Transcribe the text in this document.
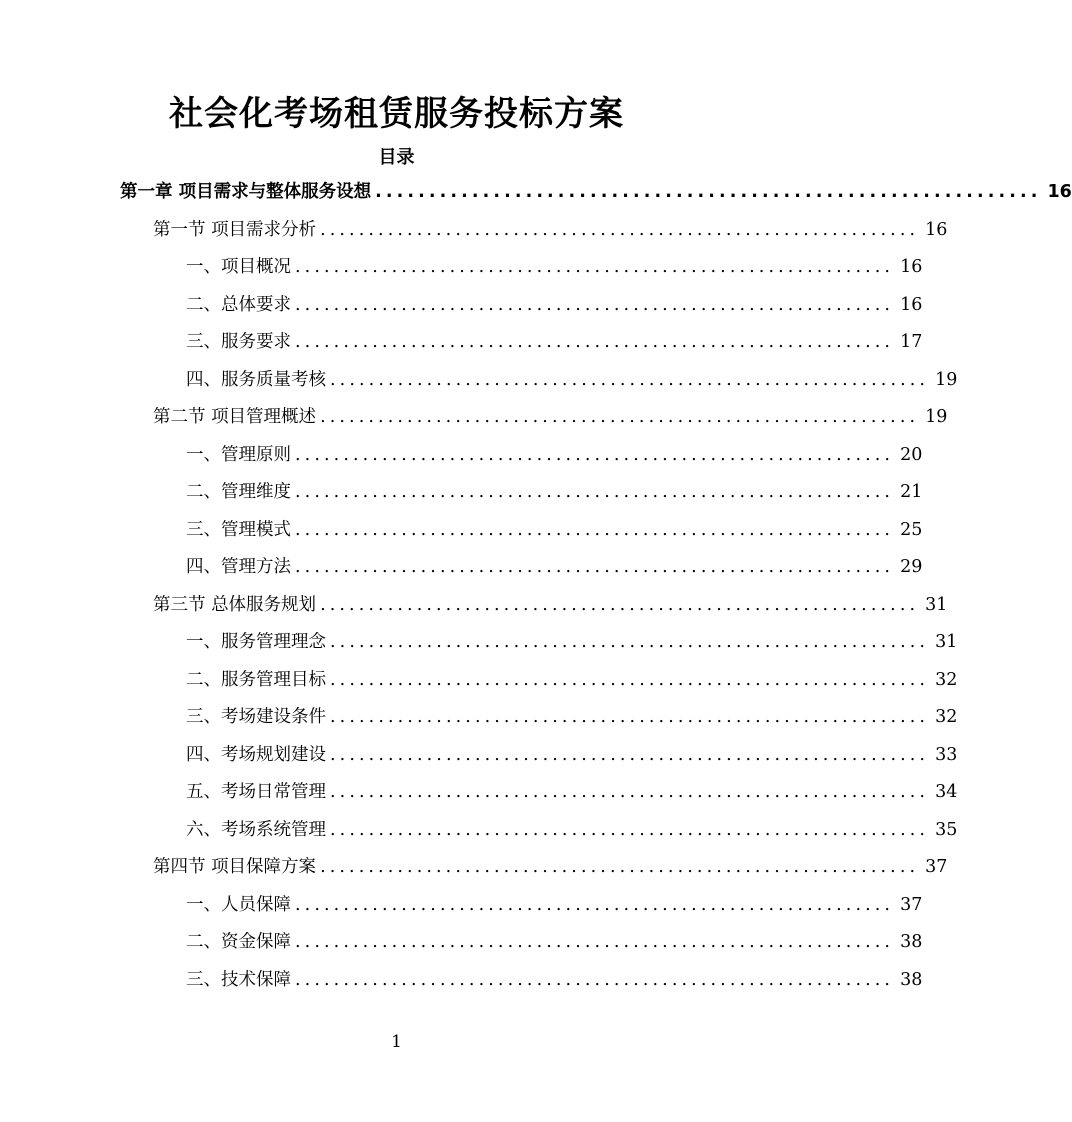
社会化考场租赁服务投标方案
目录
第一章 项目需求与整体服务设想 .............................................................. 16
第一节 项目需求分析 .............................................................. 16
一、项目概况 .............................................................. 16
二、总体要求 .............................................................. 16
三、服务要求 .............................................................. 17
四、服务质量考核 .............................................................. 19
第二节 项目管理概述 .............................................................. 19
一、管理原则 .............................................................. 20
二、管理维度 .............................................................. 21
三、管理模式 .............................................................. 25
四、管理方法 .............................................................. 29
第三节 总体服务规划 .............................................................. 31
一、服务管理理念 .............................................................. 31
二、服务管理目标 .............................................................. 32
三、考场建设条件 .............................................................. 32
四、考场规划建设 .............................................................. 33
五、考场日常管理 .............................................................. 34
六、考场系统管理 .............................................................. 35
第四节 项目保障方案 .............................................................. 37
一、人员保障 .............................................................. 37
二、资金保障 .............................................................. 38
三、技术保障 .............................................................. 38
1
